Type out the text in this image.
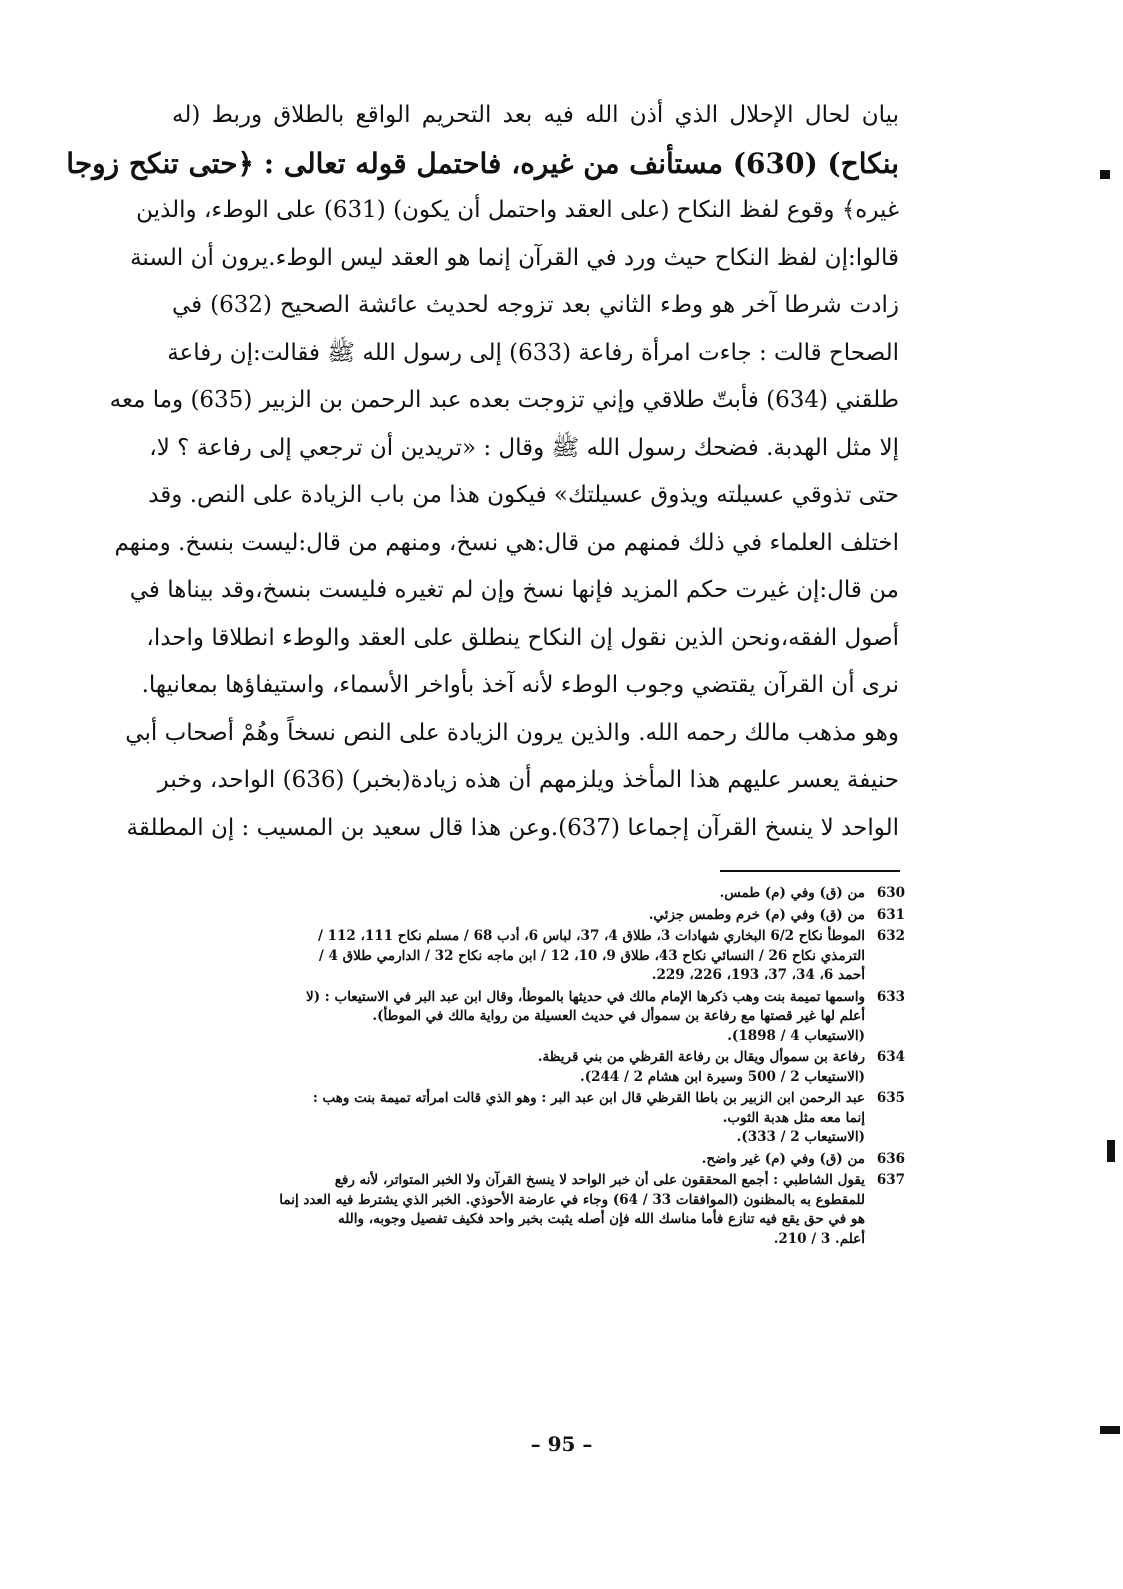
بيان لحال الإحلال الذي أذن الله فيه بعد التحريم الواقع بالطلاق وربط (له
بنكاح) (630) مستأنف من غيره، فاحتمل قوله تعالى : ﴿حتى تنكح زوجا
غيره﴾ وقوع لفظ النكاح (على العقد واحتمل أن يكون) (631) على الوطء، والذين
قالوا:إن لفظ النكاح حيث ورد في القرآن إنما هو العقد ليس الوطء.يرون أن السنة
زادت شرطا آخر هو وطء الثاني بعد تزوجه لحديث عائشة الصحيح (632) في
الصحاح قالت : جاءت امرأة رفاعة (633) إلى رسول الله ﷺ فقالت:إن رفاعة
طلقني (634) فأبتّ طلاقي وإني تزوجت بعده عبد الرحمن بن الزبير (635) وما معه
إلا مثل الهدبة. فضحك رسول الله ﷺ وقال : «تريدين أن ترجعي إلى رفاعة ؟ لا،
حتى تذوقي عسيلته ويذوق عسيلتك» فيكون هذا من باب الزيادة على النص. وقد
اختلف العلماء في ذلك فمنهم من قال:هي نسخ، ومنهم من قال:ليست بنسخ. ومنهم
من قال:إن غيرت حكم المزيد فإنها نسخ وإن لم تغيره فليست بنسخ،وقد بيناها في
أصول الفقه،ونحن الذين نقول إن النكاح ينطلق على العقد والوطء انطلاقا واحدا،
نرى أن القرآن يقتضي وجوب الوطء لأنه آخذ بأواخر الأسماء، واستيفاؤها بمعانيها.
وهو مذهب مالك رحمه الله. والذين يرون الزيادة على النص نسخاً وهُمْ أصحاب أبي
حنيفة يعسر عليهم هذا المأخذ ويلزمهم أن هذه زيادة(بخبر) (636) الواحد، وخبر
الواحد لا ينسخ القرآن إجماعا (637).وعن هذا قال سعيد بن المسيب : إن المطلقة
630
من (ق) وفي (م) طمس.
631
من (ق) وفي (م) خرم وطمس جزئي.
632
الموطأ نكاح 6/2 البخاري شهادات 3، طلاق 4، 37، لباس 6، أدب 68 / مسلم نكاح 111، 112 /
الترمذي نكاح 26 / النسائي نكاح 43، طلاق 9، 10، 12 / ابن ماجه نكاح 32 / الدارمي طلاق 4 /
أحمد 6، 34، 37، 193، 226، 229.
633
واسمها تميمة بنت وهب ذكرها الإمام مالك في حديثها بالموطأ، وقال ابن عبد البر في الاستيعاب : (لا
أعلم لها غير قصتها مع رفاعة بن سموأل في حديث العسيلة من رواية مالك في الموطأ).
(الاستيعاب 4 / 1898).
634
رفاعة بن سموأل ويقال بن رفاعة القرظي من بني قريظة.
(الاستيعاب 2 / 500 وسيرة ابن هشام 2 / 244).
635
عبد الرحمن ابن الزبير بن باطا القرظي قال ابن عبد البر : وهو الذي قالت امرأته تميمة بنت وهب :
إنما معه مثل هدبة الثوب.
(الاستيعاب 2 / 333).
636
من (ق) وفي (م) غير واضح.
637
يقول الشاطبي : أجمع المحققون على أن خبر الواحد لا ينسخ القرآن ولا الخبر المتواتر، لأنه رفع
للمقطوع به بالمظنون (الموافقات 33 / 64) وجاء في عارضة الأحوذي. الخبر الذي يشترط فيه العدد إنما
هو في حق يقع فيه تنازع فأما مناسك الله فإن أصله يثبت بخبر واحد فكيف تفصيل وجوبه، والله
أعلم. 3 / 210.
– 95 –
